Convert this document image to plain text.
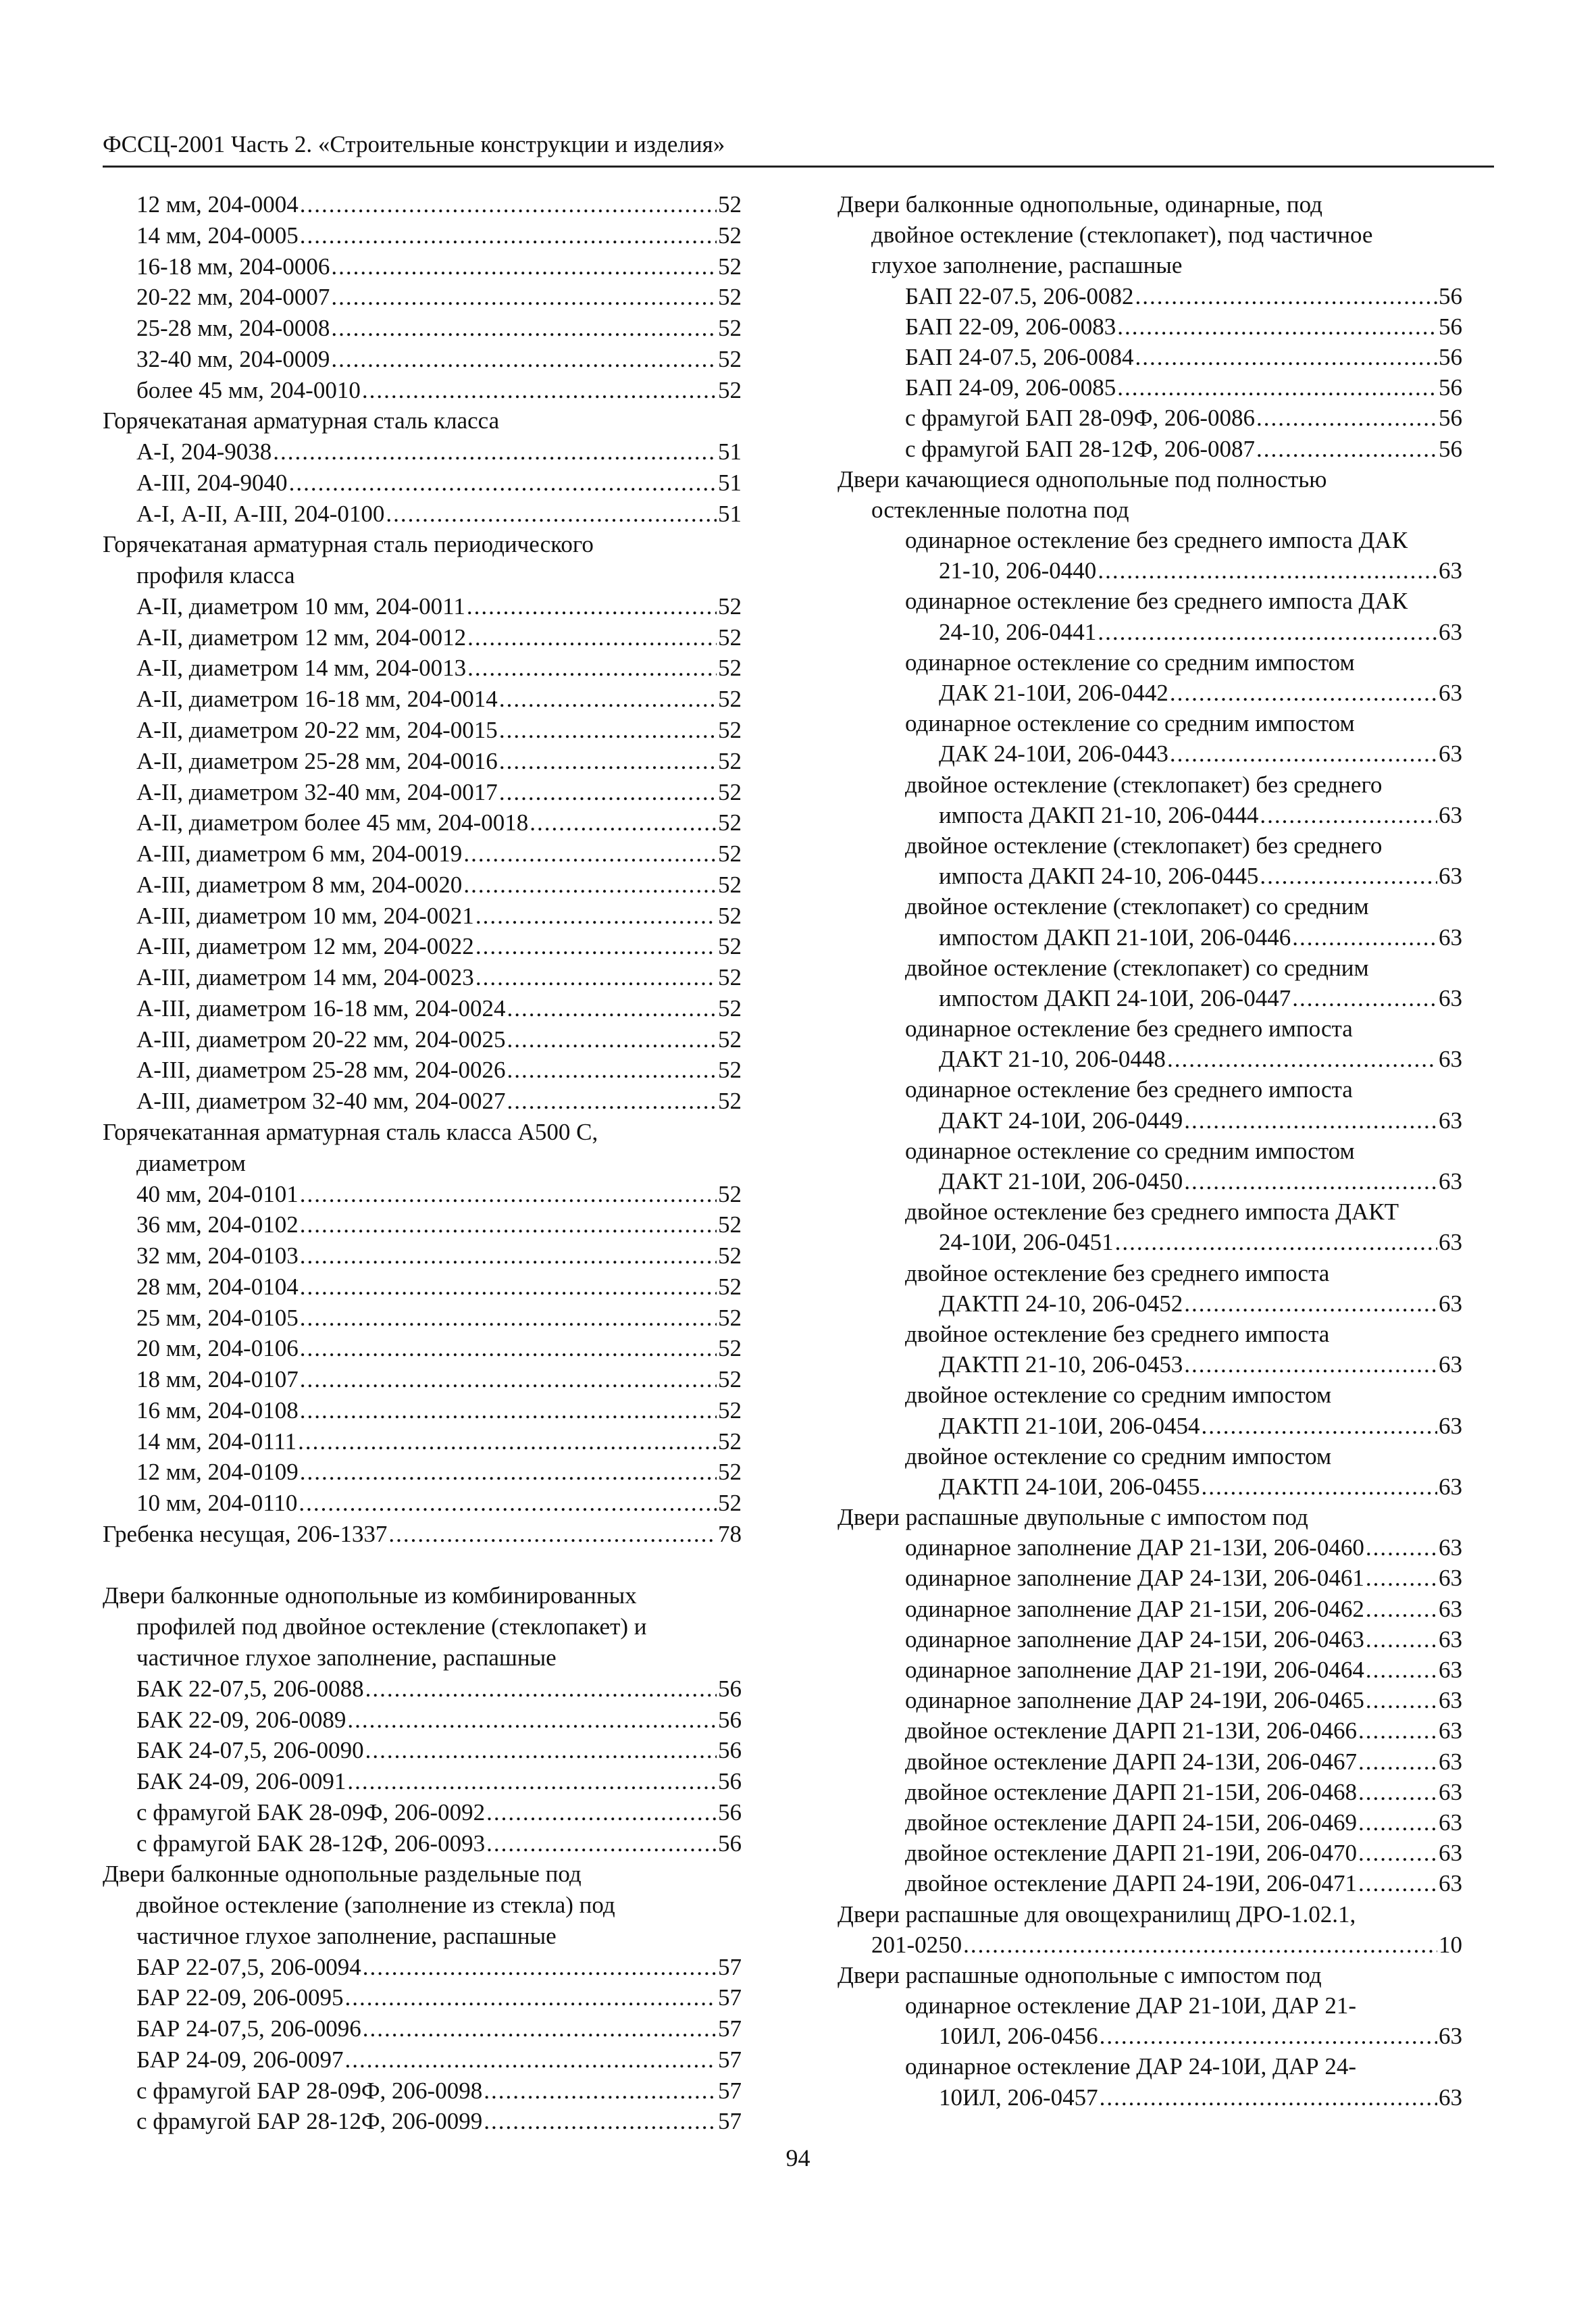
ФССЦ-2001 Часть 2. «Строительные конструкции и изделия»
12 мм, 204-0004 .....	52
14 мм, 204-0005 .....	52
16-18 мм, 204-0006 .....	52
20-22 мм, 204-0007 .....	52
25-28 мм, 204-0008 .....	52
32-40 мм, 204-0009 .....	52
более 45 мм, 204-0010 .....	52
Горячекатаная арматурная сталь класса
А-I, 204-9038 .....	51
А-III, 204-9040 .....	51
А-I, А-II, А-III, 204-0100 .....	51
Горячекатаная арматурная сталь периодического
профиля класса
А-II, диаметром 10 мм, 204-0011 .....	52
А-II, диаметром 12 мм, 204-0012 .....	52
А-II, диаметром 14 мм, 204-0013 .....	52
А-II, диаметром 16-18 мм, 204-0014 .....	52
А-II, диаметром 20-22 мм, 204-0015 .....	52
А-II, диаметром 25-28 мм, 204-0016 .....	52
А-II, диаметром 32-40 мм, 204-0017 .....	52
А-II, диаметром более 45 мм, 204-0018 .....	52
А-III, диаметром 6 мм, 204-0019 .....	52
А-III, диаметром 8 мм, 204-0020 .....	52
А-III, диаметром 10 мм, 204-0021 .....	52
А-III, диаметром 12 мм, 204-0022 .....	52
А-III, диаметром 14 мм, 204-0023 .....	52
А-III, диаметром 16-18 мм, 204-0024 .....	52
А-III, диаметром 20-22 мм, 204-0025 .....	52
А-III, диаметром 25-28 мм, 204-0026 .....	52
А-III, диаметром 32-40 мм, 204-0027 .....	52
Горячекатанная арматурная сталь класса А500 С,
диаметром
40 мм, 204-0101 .....	52
36 мм, 204-0102 .....	52
32 мм, 204-0103 .....	52
28 мм, 204-0104 .....	52
25 мм, 204-0105 .....	52
20 мм, 204-0106 .....	52
18 мм, 204-0107 .....	52
16 мм, 204-0108 .....	52
14 мм, 204-0111 .....	52
12 мм, 204-0109 .....	52
10 мм, 204-0110 .....	52
Гребенка несущая, 206-1337 .....	78
Двери балконные однопольные из комбинированных
профилей под двойное остекление (стеклопакет) и
частичное глухое заполнение, распашные
БАК 22-07,5, 206-0088 .....	56
БАК 22-09, 206-0089 .....	56
БАК 24-07,5, 206-0090 .....	56
БАК 24-09, 206-0091 .....	56
с фрамугой БАК 28-09Ф, 206-0092 .....	56
с фрамугой БАК 28-12Ф, 206-0093 .....	56
Двери балконные однопольные раздельные под
двойное остекление (заполнение из стекла) под
частичное глухое заполнение, распашные
БАР 22-07,5, 206-0094 .....	57
БАР 22-09, 206-0095 .....	57
БАР 24-07,5, 206-0096 .....	57
БАР 24-09, 206-0097 .....	57
с фрамугой БАР 28-09Ф, 206-0098 .....	57
с фрамугой БАР 28-12Ф, 206-0099 .....	57
Двери балконные однопольные, одинарные, под
двойное остекление (стеклопакет), под частичное
глухое заполнение, распашные
БАП 22-07.5, 206-0082 .....	56
БАП 22-09, 206-0083 .....	56
БАП 24-07.5, 206-0084 .....	56
БАП 24-09, 206-0085 .....	56
с фрамугой БАП 28-09Ф, 206-0086 .....	56
с фрамугой БАП 28-12Ф, 206-0087 .....	56
Двери качающиеся однопольные под полностью
остекленные полотна под
одинарное остекление без среднего импоста ДАК
21-10, 206-0440 .....	63
одинарное остекление без среднего импоста ДАК
24-10, 206-0441 .....	63
одинарное остекление со средним импостом
ДАК 21-10И, 206-0442 .....	63
одинарное остекление со средним импостом
ДАК 24-10И, 206-0443 .....	63
двойное остекление (стеклопакет) без среднего
импоста ДАКП 21-10, 206-0444 .....	63
двойное остекление (стеклопакет) без среднего
импоста ДАКП 24-10, 206-0445 .....	63
двойное остекление (стеклопакет) со средним
импостом ДАКП 21-10И, 206-0446 .....	63
двойное остекление (стеклопакет) со средним
импостом ДАКП 24-10И, 206-0447 .....	63
одинарное остекление без среднего импоста
ДАКТ 21-10, 206-0448 .....	63
одинарное остекление без среднего импоста
ДАКТ 24-10И, 206-0449 .....	63
одинарное остекление со средним импостом
ДАКТ 21-10И, 206-0450 .....	63
двойное остекление без среднего импоста ДАКТ
24-10И, 206-0451 .....	63
двойное остекление без среднего импоста
ДАКТП 24-10, 206-0452 .....	63
двойное остекление без среднего импоста
ДАКТП 21-10, 206-0453 .....	63
двойное остекление со средним импостом
ДАКТП 21-10И, 206-0454 .....	63
двойное остекление со средним импостом
ДАКТП 24-10И, 206-0455 .....	63
Двери распашные двупольные с импостом под
одинарное заполнение ДАР 21-13И, 206-0460 .....	63
одинарное заполнение ДАР 24-13И, 206-0461 .....	63
одинарное заполнение ДАР 21-15И, 206-0462 .....	63
одинарное заполнение ДАР 24-15И, 206-0463 .....	63
одинарное заполнение ДАР 21-19И, 206-0464 .....	63
одинарное заполнение ДАР 24-19И, 206-0465 .....	63
двойное остекление ДАРП 21-13И, 206-0466 .....	63
двойное остекление ДАРП 24-13И, 206-0467 .....	63
двойное остекление ДАРП 21-15И, 206-0468 .....	63
двойное остекление ДАРП 24-15И, 206-0469 .....	63
двойное остекление ДАРП 21-19И, 206-0470 .....	63
двойное остекление ДАРП 24-19И, 206-0471 .....	63
Двери распашные для овощехранилищ ДРО-1.02.1,
201-0250 .....	10
Двери распашные однопольные с импостом под
одинарное остекление ДАР 21-10И, ДАР 21-
10ИЛ, 206-0456 .....	63
одинарное остекление ДАР 24-10И, ДАР 24-
10ИЛ, 206-0457 .....	63
94
